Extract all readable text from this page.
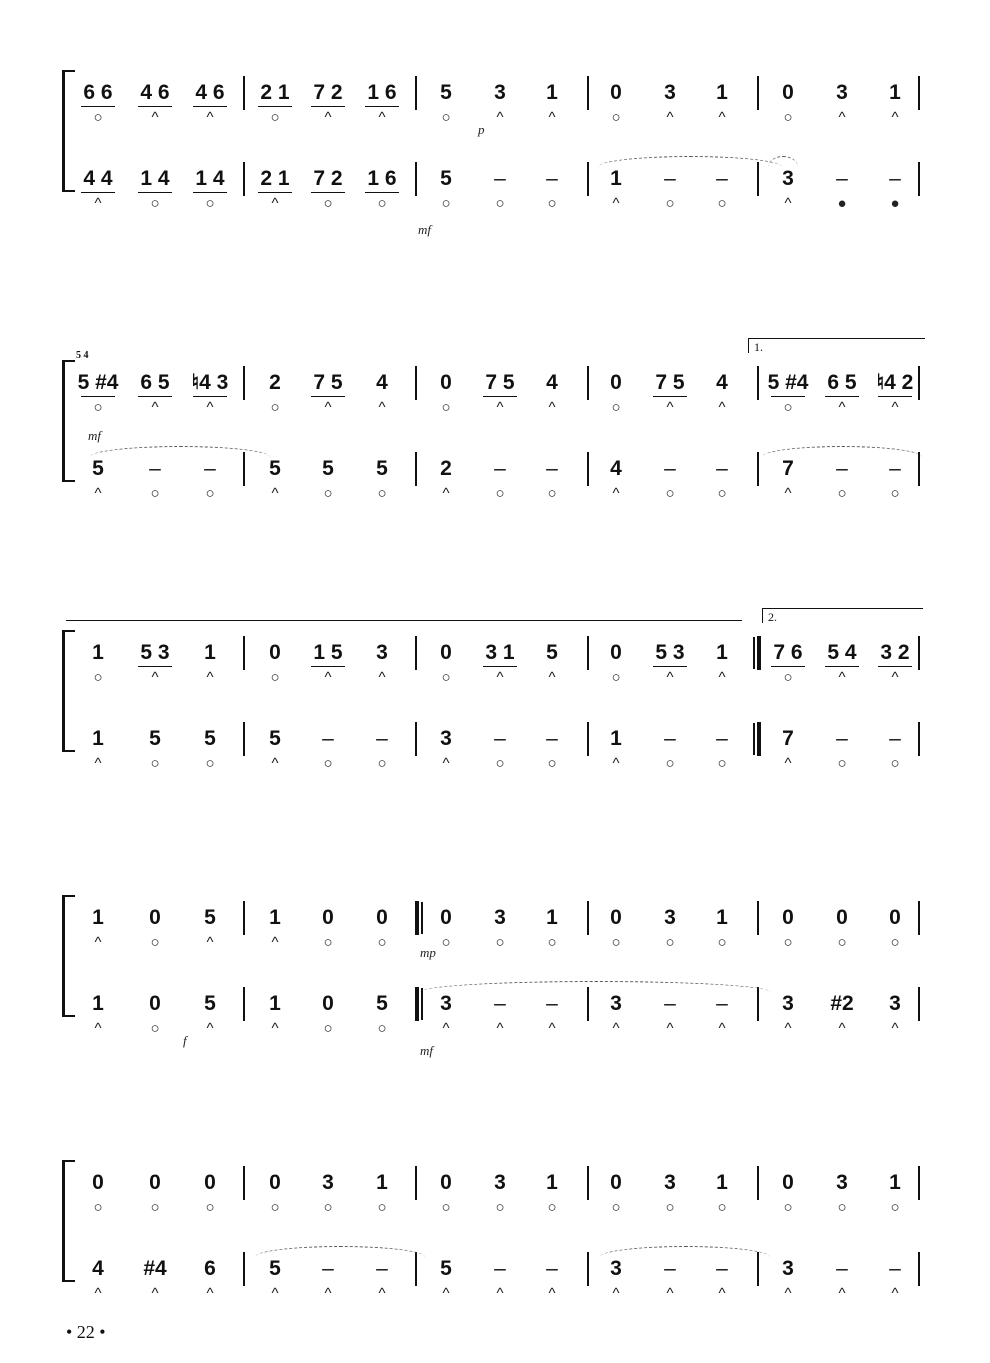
6 6
○
4 6
^
4 6
^
2 1
○
7 2
^
1 6
^
5
○
3
^
1
^
0
○
3
^
1
^
0
○
3
^
1
^
4 4
^
1 4
○
1 4
○
2 1
^
7 2
○
1 6
○
5
○
–
○
–
○
1
^
–
○
–
○
3
^
–
●
–
●
p
mf
5 #4
○
6 5
^
♮4 3
^
2
○
7 5
^
4
^
0
○
7 5
^
4
^
0
○
7 5
^
4
^
5 #4
○
6 5
^
♮4 2
^
5
^
–
○
–
○
5
^
5
○
5
○
2
^
–
○
–
○
4
^
–
○
–
○
7
^
–
○
–
○
5 4
1.
mf
1
○
5 3
^
1
^
0
○
1 5
^
3
^
0
○
3 1
^
5
^
0
○
5 3
^
1
^
7 6
○
5 4
^
3 2
^
1
^
5
○
5
○
5
^
–
○
–
○
3
^
–
○
–
○
1
^
–
○
–
○
7
^
–
○
–
○
2.
1
^
0
○
5
^
1
^
0
○
0
○
0
○
3
○
1
○
0
○
3
○
1
○
0
○
0
○
0
○
1
^
0
○
5
^
1
^
0
○
5
○
3
^
–
^
–
^
3
^
–
^
–
^
3
^
#2
^
3
^
mp
f
mf
0
○
0
○
0
○
0
○
3
○
1
○
0
○
3
○
1
○
0
○
3
○
1
○
0
○
3
○
1
○
4
^
#4
^
6
^
5
^
–
^
–
^
5
^
–
^
–
^
3
^
–
^
–
^
3
^
–
^
–
^
• 22 •
